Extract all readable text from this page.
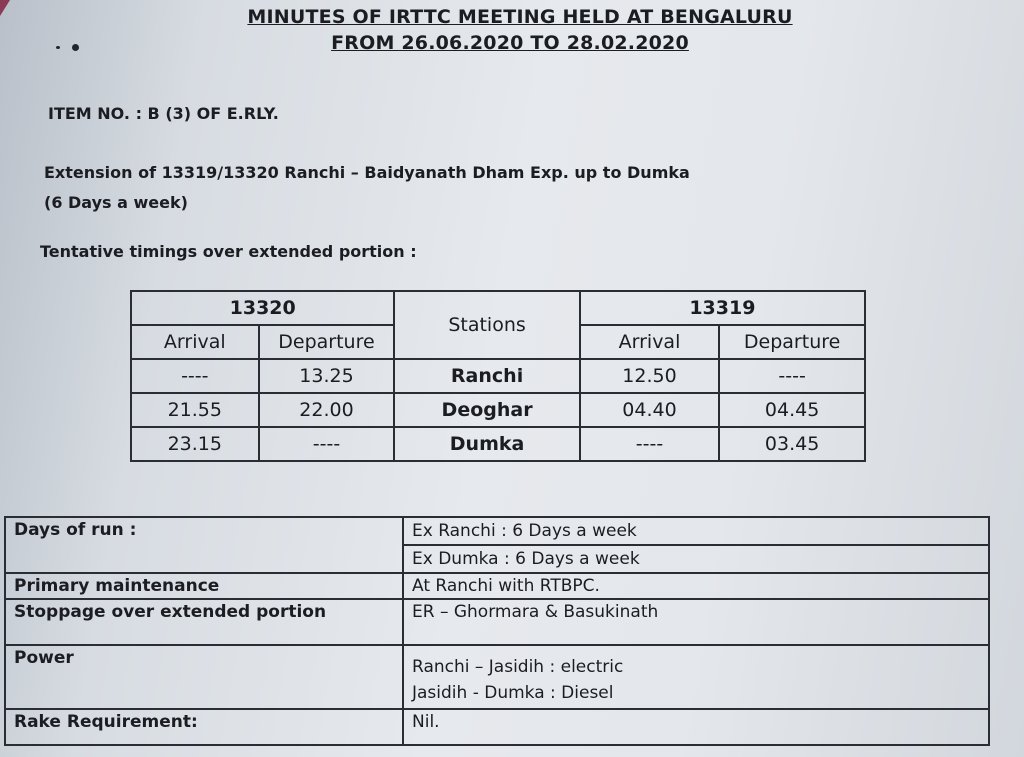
MINUTES OF IRTTC MEETING HELD AT BENGALURU
FROM 26.06.2020 TO 28.02.2020
ITEM NO. : B (3) OF E.RLY.
Extension of 13319/13320 Ranchi – Baidyanath Dham Exp. up to Dumka
(6 Days a week)
Tentative timings over extended portion :
13320		Stations	13319	
Arrival	Departure		Arrival	Departure
----	13.25	Ranchi	12.50	----
21.55	22.00	Deoghar	04.40	04.45
23.15	----	Dumka	----	03.45
Days of run :	Ex Ranchi : 6 Days a week
Ex Dumka : 6 Days a week

Primary maintenance	At Ranchi with RTBPC.
Stoppage over extended portion	ER – Ghormara & Basukinath
Power	Ranchi – Jasidih : electric
Jasidih - Dumka : Diesel

Rake Requirement:	Nil.
